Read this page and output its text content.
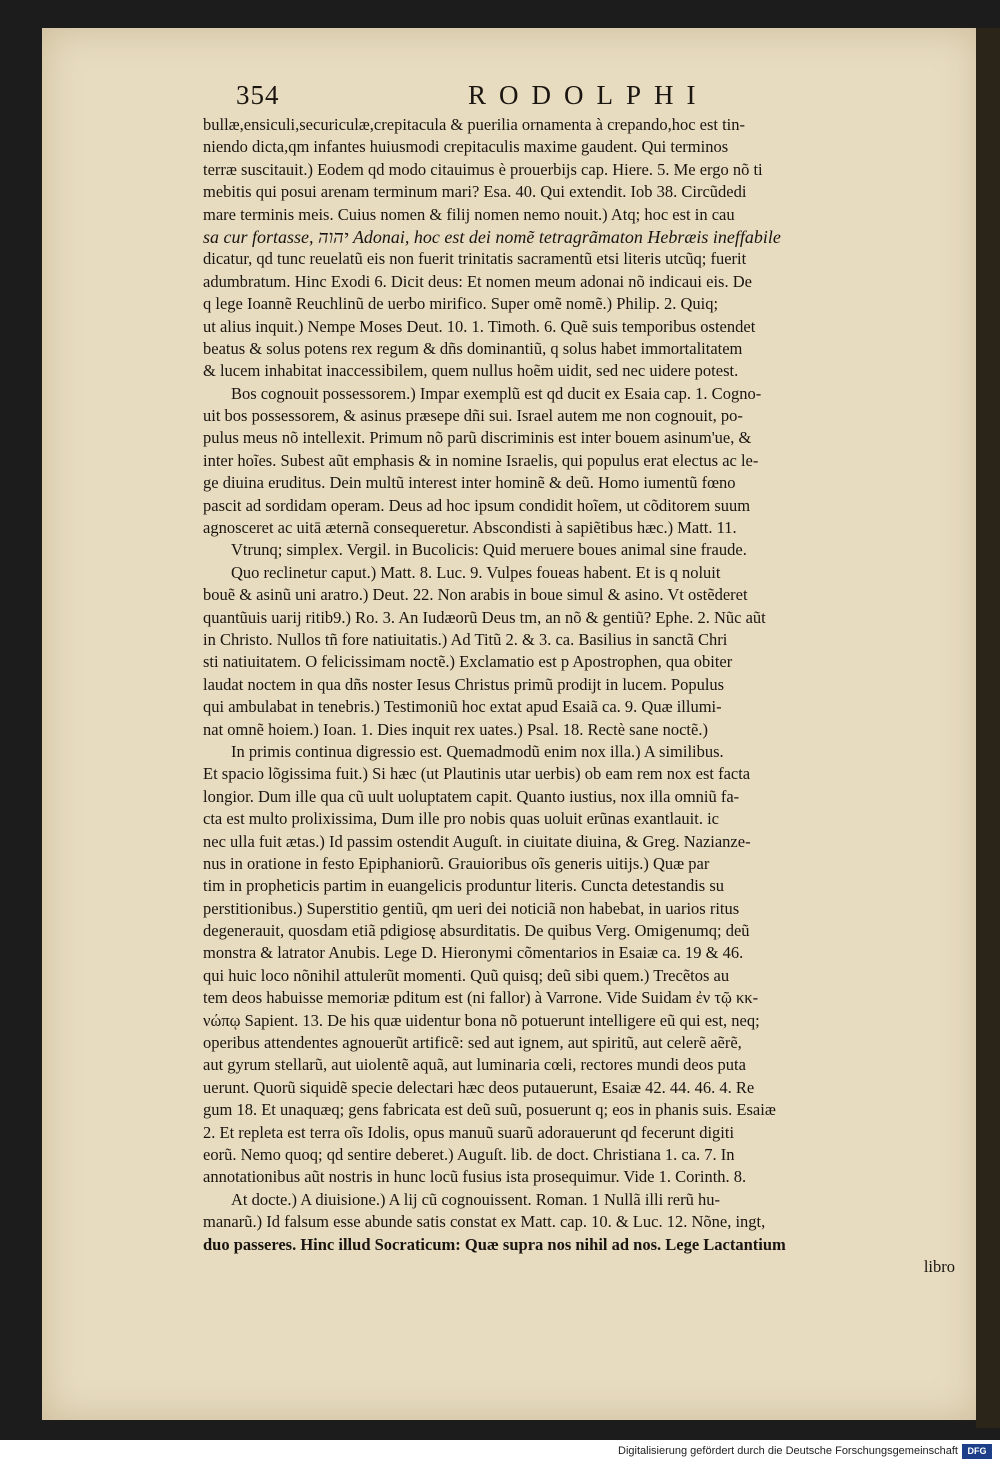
354	RODOLPHI
bullæ,ensiculi,securiculæ,crepitacula & puerilia ornamenta à crepando,hoc est tin-
niendo dicta,qm infantes huiusmodi crepitaculis maxime gaudent. Qui terminos
terræ suscitauit.) Eodem qd modo citauimus è prouerbijs cap. Hiere. 5. Me ergo nõ ti
mebitis qui posui arenam terminum mari? Esa. 40. Qui extendit. Iob 38. Circũdedi
mare terminis meis. Cuius nomen & filij nomen nemo nouit.) Atq; hoc est in cau
sa cur fortasse, יהוה Adonai, hoc est dei nomẽ tetragrãmaton Hebræis ineffabile
dicatur, qd tunc reuelatũ eis non fuerit trinitatis sacramentũ etsi literis utcũq; fuerit
adumbratum. Hinc Exodi 6. Dicit deus: Et nomen meum adonai nõ indicaui eis. De
q lege Ioannẽ Reuchlinũ de uerbo mirifico. Super omẽ nomẽ.) Philip. 2. Quiq;
ut alius inquit.) Nempe Moses Deut. 10. 1. Timoth. 6. Quẽ suis temporibus ostendet
beatus & solus potens rex regum & dñs dominantiũ, q solus habet immortalitatem
& lucem inhabitat inaccessibilem, quem nullus hoẽm uidit, sed nec uidere potest.
Bos cognouit possessorem.) Impar exemplũ est qd ducit ex Esaia cap. 1. Cogno-
uit bos possessorem, & asinus præsepe dñi sui. Israel autem me non cognouit, po-
pulus meus nõ intellexit. Primum nõ parũ discriminis est inter bouem asinum'ue, &
inter hoĩes. Subest aũt emphasis & in nomine Israelis, qui populus erat electus ac le-
ge diuina eruditus. Dein multũ interest inter hominẽ & deũ. Homo iumentũ fœno
pascit ad sordidam operam. Deus ad hoc ipsum condidit hoĩem, ut cõditorem suum
agnosceret ac uitā æternã consequeretur. Abscondisti à sapiẽtibus hæc.) Matt. 11.
Vtrunq; simplex. Vergil. in Bucolicis: Quid meruere boues animal sine fraude.
Quo reclinetur caput.) Matt. 8. Luc. 9. Vulpes foueas habent. Et is q noluit
bouẽ & asinũ uni aratro.) Deut. 22. Non arabis in boue simul & asino. Vt ostẽderet
quantũuis uarij ritib9.) Ro. 3. An Iudæorũ Deus tm, an nõ & gentiũ? Ephe. 2. Nũc aũt
in Christo. Nullos tñ fore natiuitatis.) Ad Titũ 2. & 3. ca. Basilius in sanctã Chri
sti natiuitatem. O felicissimam noctẽ.) Exclamatio est p Apostrophen, qua obiter
laudat noctem in qua dñs noster Iesus Christus primũ prodijt in lucem. Populus
qui ambulabat in tenebris.) Testimoniũ hoc extat apud Esaiã ca. 9. Quæ illumi-
nat omnẽ hoiem.) Ioan. 1. Dies inquit rex uates.) Psal. 18. Rectè sane noctẽ.)
In primis continua digressio est. Quemadmodũ enim nox illa.) A similibus.
Et spacio lõgissima fuit.) Si hæc (ut Plautinis utar uerbis) ob eam rem nox est facta
longior. Dum ille qua cũ uult uoluptatem capit. Quanto iustius, nox illa omniũ fa-
cta est multo prolixissima, Dum ille pro nobis quas uoluit erũnas exantlauit. ic
nec ulla fuit ætas.) Id passim ostendit Auguſt. in ciuitate diuina, & Greg. Nazianze-
nus in oratione in festo Epiphaniorũ. Grauioribus oĩs generis uitijs.) Quæ par
tim in propheticis partim in euangelicis produntur literis. Cuncta detestandis su
perstitionibus.) Superstitio gentiũ, qm ueri dei noticiã non habebat, in uarios ritus
degenerauit, quosdam etiã pdigiosę absurditatis. De quibus Verg. Omigenumq; deũ
monstra & latrator Anubis. Lege D. Hieronymi cõmentarios in Esaiæ ca. 19 & 46.
qui huic loco nõnihil attulerũt momenti. Quũ quisq; deũ sibi quem.) Trecẽtos au
tem deos habuisse memoriæ pditum est (ni fallor) à Varrone. Vide Suidam ἐν τῷ κκ-
νώπῳ Sapient. 13. De his quæ uidentur bona nõ potuerunt intelligere eũ qui est, neq;
operibus attendentes agnouerũt artificẽ: sed aut ignem, aut spiritũ, aut celerẽ aẽrẽ,
aut gyrum stellarũ, aut uiolentẽ aquã, aut luminaria cœli, rectores mundi deos puta
uerunt. Quorũ siquidẽ specie delectari hæc deos putauerunt, Esaiæ 42. 44. 46. 4. Re
gum 18. Et unaquæq; gens fabricata est deũ suũ, posuerunt q; eos in phanis suis. Esaiæ
2. Et repleta est terra oĩs Idolis, opus manuũ suarũ adorauerunt qd fecerunt digiti
eorũ. Nemo quoq; qd sentire deberet.) Auguſt. lib. de doct. Christiana 1. ca. 7. In
annotationibus aũt nostris in hunc locũ fusius ista prosequimur. Vide 1. Corinth. 8.
At docte.) A diuisione.) A lij cũ cognouissent. Roman. 1 Nullã illi rerũ hu-
manarũ.) Id falsum esse abunde satis constat ex Matt. cap. 10. & Luc. 12. Nõne, ingt,
duo passeres. Hinc illud Socraticum: Quæ supra nos nihil ad nos. Lege Lactantium
libro
Digitalisierung gefördert durch die Deutsche Forschungsgemeinschaft	DFG
